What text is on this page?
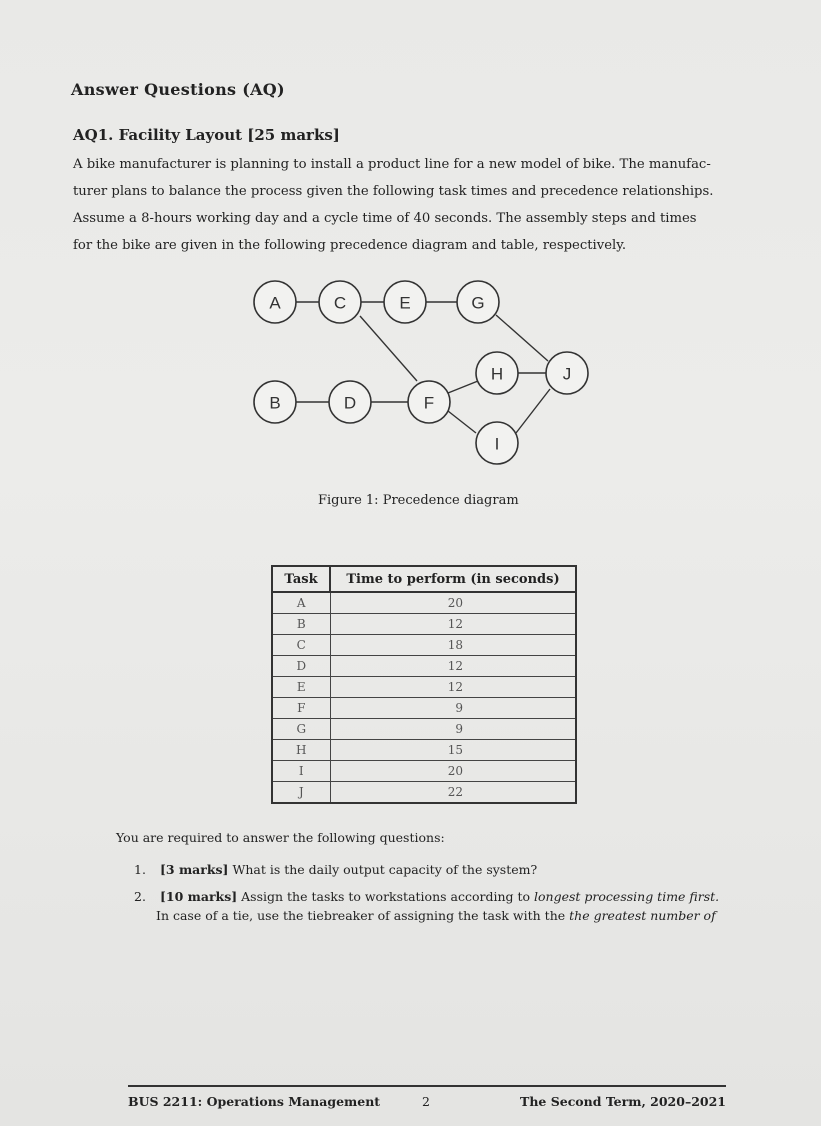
Answer Questions (AQ)
AQ1. Facility Layout [25 marks]
A bike manufacturer is planning to install a product line for a new model of bike. The manufac-
turer plans to balance the process given the following task times and precedence relationships.
Assume a 8-hours working day and a cycle time of 40 seconds. The assembly steps and times
for the bike are given in the following precedence diagram and table, respectively.
A
B
C
D
E
F
G
H
I
J
Figure 1: Precedence diagram
Task	Time to perform (in seconds)
A	20
B	12
C	18
D	12
E	12
F	9
G	9
H	15
I	20
J	22
You are required to answer the following questions:
1. [3 marks] What is the daily output capacity of the system?
2. [10 marks] Assign the tasks to workstations according to longest processing time first.
In case of a tie, use the tiebreaker of assigning the task with the the greatest number of
BUS 2211: Operations Management	2	The Second Term, 2020–2021
